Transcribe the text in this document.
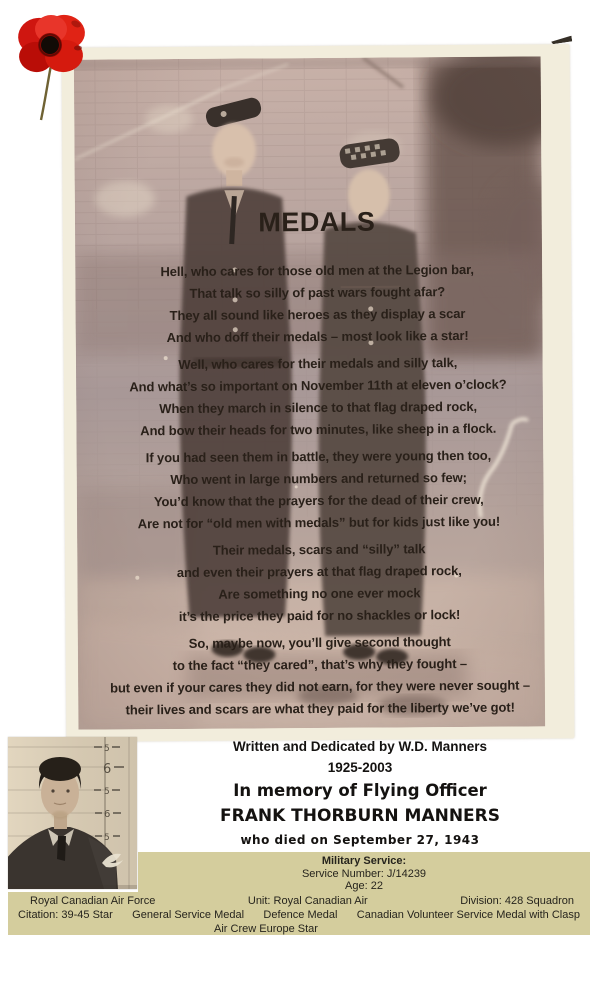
MEDALS
Hell, who cares for those old men at the Legion bar,
That talk so silly of past wars fought afar?
They all sound like heroes as they display a scar
And who doff their medals – most look like a star!
Well, who cares for their medals and silly talk,
And what’s so important on November 11th at eleven o’clock?
When they march in silence to that flag draped rock,
And bow their heads for two minutes, like sheep in a flock.
If you had seen them in battle, they were young then too,
Who went in large numbers and returned so few;
You’d know that the prayers for the dead of their crew,
Are not for “old men with medals” but for kids just like you!
Their medals, scars and “silly” talk
and even their prayers at that flag draped rock,
Are something no one ever mock
it’s the price they paid for no shackles or lock!
So, maybe now, you’ll give second thought
to the fact “they cared”, that’s why they fought –
but even if your cares they did not earn, for they were never sought –
their lives and scars are what they paid for the liberty we’ve got!
Written and Dedicated by W.D. Manners
1925-2003
In memory of Flying Officer
FRANK THORBURN MANNERS
who died on September 27, 1943
5
6
5
6
5
Military Service:
Service Number: J/14239
Age: 22
Royal Canadian Air Force	Unit: Royal Canadian Air	Division: 428 Squadron
Citation: 39-45 Star General Service Medal Defence Medal Canadian Volunteer Service Medal with Clasp
Air Crew Europe Star
